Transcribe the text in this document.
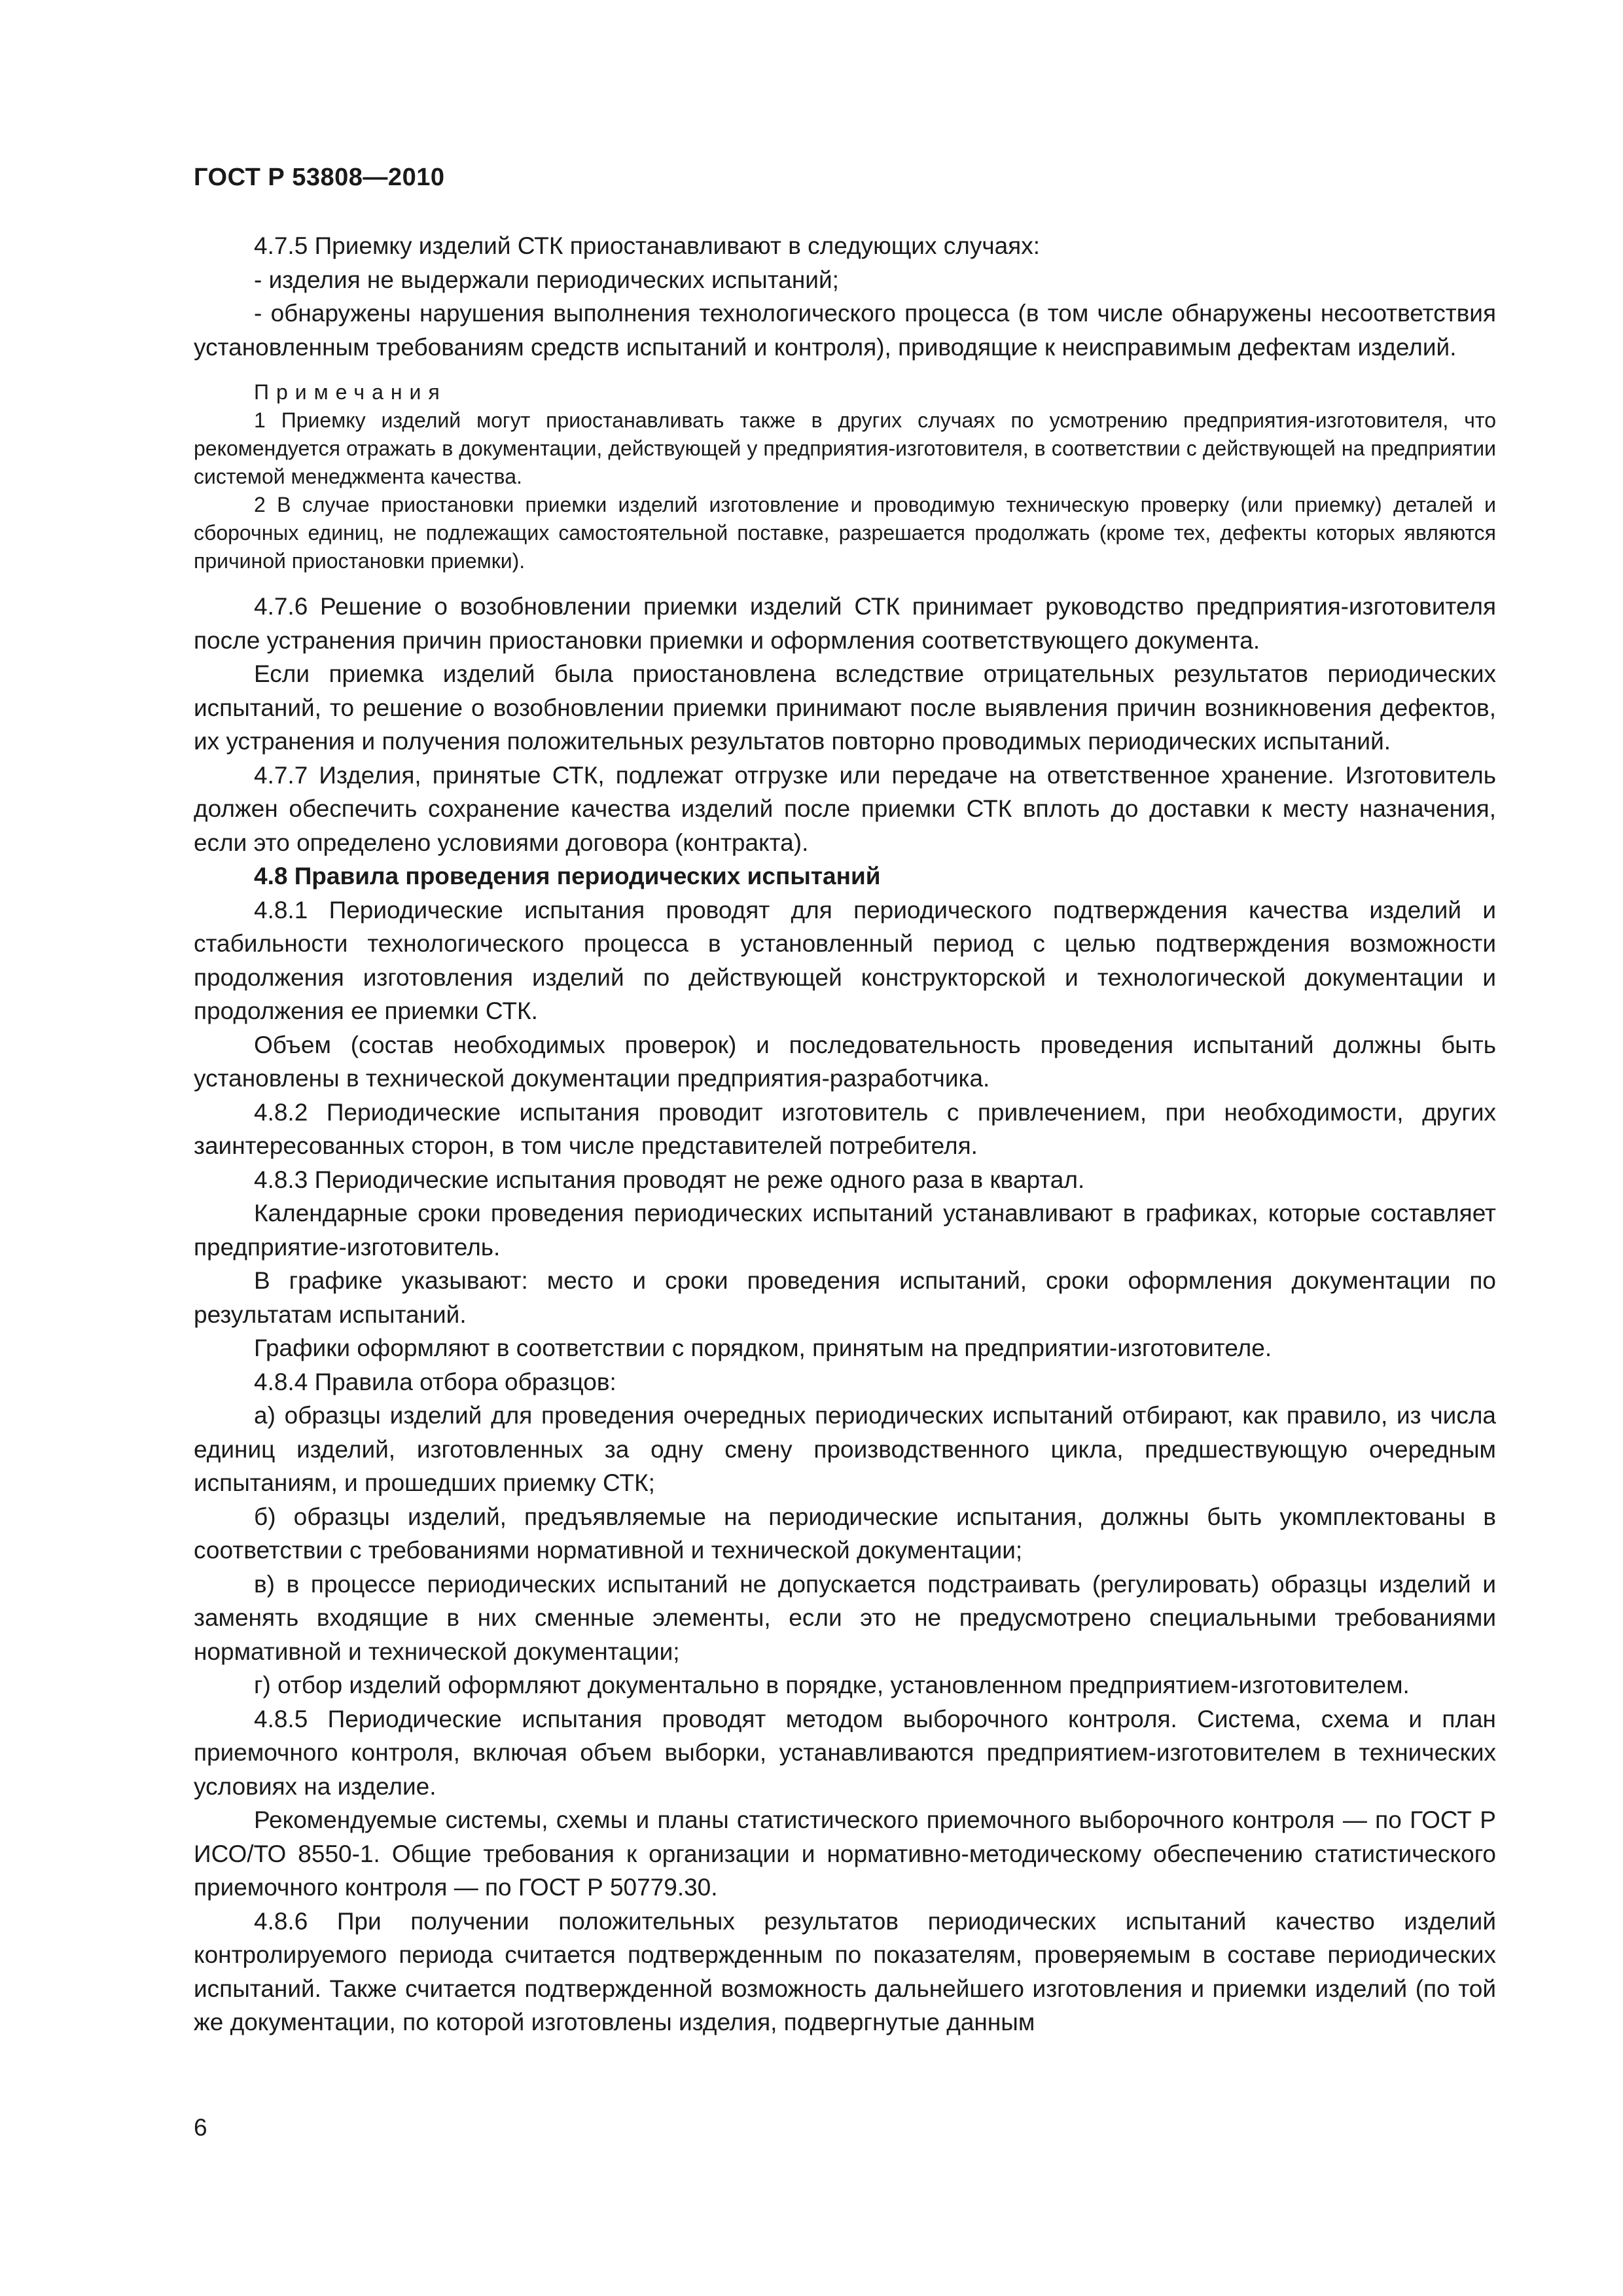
ГОСТ Р 53808—2010

4.7.5 Приемку изделий СТК приостанавливают в следующих случаях:

- изделия не выдержали периодических испытаний;

- обнаружены нарушения выполнения технологического процесса (в том числе обнаружены несоответствия установленным требованиям средств испытаний и контроля), приводящие к неисправимым дефектам изделий.

Примечания

1 Приемку изделий могут приостанавливать также в других случаях по усмотрению предприятия-изготовителя, что рекомендуется отражать в документации, действующей у предприятия-изготовителя, в соответствии с действующей на предприятии системой менеджмента качества.

2 В случае приостановки приемки изделий изготовление и проводимую техническую проверку (или приемку) деталей и сборочных единиц, не подлежащих самостоятельной поставке, разрешается продолжать (кроме тех, дефекты которых являются причиной приостановки приемки).

4.7.6 Решение о возобновлении приемки изделий СТК принимает руководство предприятия-изготовителя после устранения причин приостановки приемки и оформления соответствующего документа.

Если приемка изделий была приостановлена вследствие отрицательных результатов периодических испытаний, то решение о возобновлении приемки принимают после выявления причин возникновения дефектов, их устранения и получения положительных результатов повторно проводимых периодических испытаний.

4.7.7 Изделия, принятые СТК, подлежат отгрузке или передаче на ответственное хранение. Изготовитель должен обеспечить сохранение качества изделий после приемки СТК вплоть до доставки к месту назначения, если это определено условиями договора (контракта).

4.8 Правила проведения периодических испытаний

4.8.1 Периодические испытания проводят для периодического подтверждения качества изделий и стабильности технологического процесса в установленный период с целью подтверждения возможности продолжения изготовления изделий по действующей конструкторской и технологической документации и продолжения ее приемки СТК.

Объем (состав необходимых проверок) и последовательность проведения испытаний должны быть установлены в технической документации предприятия-разработчика.

4.8.2 Периодические испытания проводит изготовитель с привлечением, при необходимости, других заинтересованных сторон, в том числе представителей потребителя.

4.8.3 Периодические испытания проводят не реже одного раза в квартал.

Календарные сроки проведения периодических испытаний устанавливают в графиках, которые составляет предприятие-изготовитель.

В графике указывают: место и сроки проведения испытаний, сроки оформления документации по результатам испытаний.

Графики оформляют в соответствии с порядком, принятым на предприятии-изготовителе.

4.8.4 Правила отбора образцов:

а) образцы изделий для проведения очередных периодических испытаний отбирают, как правило, из числа единиц изделий, изготовленных за одну смену производственного цикла, предшествующую очередным испытаниям, и прошедших приемку СТК;

б) образцы изделий, предъявляемые на периодические испытания, должны быть укомплектованы в соответствии с требованиями нормативной и технической документации;

в) в процессе периодических испытаний не допускается подстраивать (регулировать) образцы изделий и заменять входящие в них сменные элементы, если это не предусмотрено специальными требованиями нормативной и технической документации;

г) отбор изделий оформляют документально в порядке, установленном предприятием-изготовителем.

4.8.5 Периодические испытания проводят методом выборочного контроля. Система, схема и план приемочного контроля, включая объем выборки, устанавливаются предприятием-изготовителем в технических условиях на изделие.

Рекомендуемые системы, схемы и планы статистического приемочного выборочного контроля — по ГОСТ Р ИСО/ТО 8550-1. Общие требования к организации и нормативно-методическому обеспечению статистического приемочного контроля — по ГОСТ Р 50779.30.

4.8.6 При получении положительных результатов периодических испытаний качество изделий контролируемого периода считается подтвержденным по показателям, проверяемым в составе периодических испытаний. Также считается подтвержденной возможность дальнейшего изготовления и приемки изделий (по той же документации, по которой изготовлены изделия, подвергнутые данным

6
